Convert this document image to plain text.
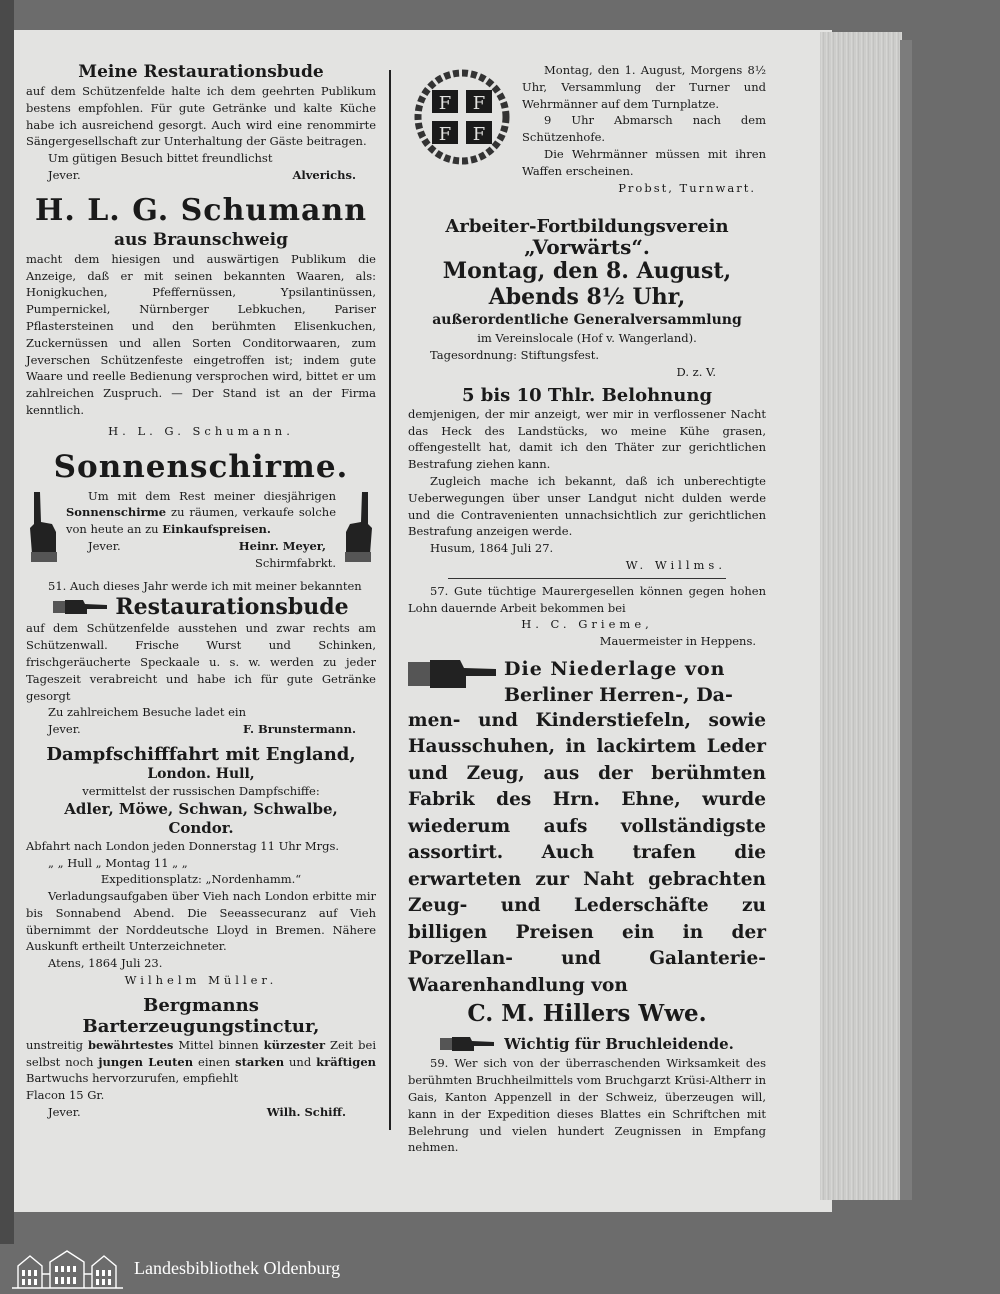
Meine Restaurationsbude

auf dem Schützenfelde halte ich dem geehrten Publikum bestens empfohlen. Für gute Getränke und kalte Küche habe ich ausreichend gesorgt. Auch wird eine renommirte Sängergesellschaft zur Unterhaltung der Gäste beitragen.

Um gütigen Besuch bittet freundlichst

Jever.	Alverichs.

H. L. G. Schumann

aus Braunschweig

macht dem hiesigen und auswärtigen Publikum die Anzeige, daß er mit seinen bekannten Waaren, als: Honigkuchen, Pfeffernüssen, Ypsilantinüssen, Pumpernickel, Nürnberger Lebkuchen, Pariser Pflastersteinen und den berühmten Elisenkuchen, Zuckernüssen und allen Sorten Conditorwaaren, zum Jeverschen Schützenfeste eingetroffen ist; indem gute Waare und reelle Bedienung versprochen wird, bittet er um zahlreichen Zuspruch. — Der Stand ist an der Firma kenntlich.

H. L. G. Schumann.

Sonnenschirme.

Um mit dem Rest meiner diesjährigen Sonnenschirme zu räumen, verkaufe solche von heute an zu Einkaufspreisen.

Jever.	Heinr. Meyer,

Schirmfabrkt.

51. Auch dieses Jahr werde ich mit meiner bekannten

Restaurationsbude

auf dem Schützenfelde ausstehen und zwar rechts am Schützenwall. Frische Wurst und Schinken, frischgeräucherte Speckaale u. s. w. werden zu jeder Tageszeit verabreicht und habe ich für gute Getränke gesorgt

Zu zahlreichem Besuche ladet ein

Jever.	F. Brunstermann.

Dampfschifffahrt mit England,

London. Hull,

vermittelst der russischen Dampfschiffe:

Adler, Möwe, Schwan, Schwalbe,

Condor.

Abfahrt nach London jeden Donnerstag 11 Uhr Mrgs.

„ „ Hull „ Montag 11 „ „

Expeditionsplatz: „Nordenhamm.“

Verladungsaufgaben über Vieh nach London erbitte mir bis Sonnabend Abend. Die Seeassecuranz auf Vieh übernimmt der Norddeutsche Lloyd in Bremen. Nähere Auskunft ertheilt Unterzeichneter.

Atens, 1864 Juli 23.

Wilhelm Müller.

Bergmanns Barterzeugungstinctur,

unstreitig bewährtestes Mittel binnen kürzester Zeit bei selbst noch jungen Leuten einen starken und kräftigen Bartwuchs hervorzurufen, empfiehlt

Flacon 15 Gr.

Jever.	Wilh. Schiff.
F F
F F

Montag, den 1. August, Morgens 8½ Uhr, Versammlung der Turner und Wehrmänner auf dem Turnplatze.

9 Uhr Abmarsch nach dem Schützenhofe.

Die Wehrmänner müssen mit ihren Waffen erscheinen.

Probst, Turnwart.

Arbeiter-Fortbildungsverein

„Vorwärts“.

Montag, den 8. August,

Abends 8½ Uhr,

außerordentliche Generalversammlung

im Vereinslocale (Hof v. Wangerland).

Tagesordnung: Stiftungsfest.

D. z. V.

5 bis 10 Thlr. Belohnung

demjenigen, der mir anzeigt, wer mir in verflossener Nacht das Heck des Landstücks, wo meine Kühe grasen, offengestellt hat, damit ich den Thäter zur gerichtlichen Bestrafung ziehen kann.

Zugleich mache ich bekannt, daß ich unberechtigte Ueberwegungen über unser Landgut nicht dulden werde und die Contravenienten unnachsichtlich zur gerichtlichen Bestrafung anzeigen werde.

Husum, 1864 Juli 27.

W. Willms.

57. Gute tüchtige Maurergesellen können gegen hohen Lohn dauernde Arbeit bekommen bei

H. C. Grieme,

Mauermeister in Heppens.

Die Niederlage von

Berliner Herren-, Da-

men- und Kinderstiefeln, sowie Hausschuhen, in lackirtem Leder und Zeug, aus der berühmten Fabrik des Hrn. Ehne, wurde wiederum aufs vollständigste assortirt. Auch trafen die erwarteten zur Naht gebrachten Zeug- und Lederschäfte zu billigen Preisen ein in der Porzellan- und Galanterie-Waarenhandlung von

C. M. Hillers Wwe.

Wichtig für Bruchleidende.

59. Wer sich von der überraschenden Wirksamkeit des berühmten Bruchheilmittels vom Bruchgarzt Krüsi-Altherr in Gais, Kanton Appenzell in der Schweiz, überzeugen will, kann in der Expedition dieses Blattes ein Schriftchen mit Belehrung und vielen hundert Zeugnissen in Empfang nehmen.

Landesbibliothek Oldenburg
